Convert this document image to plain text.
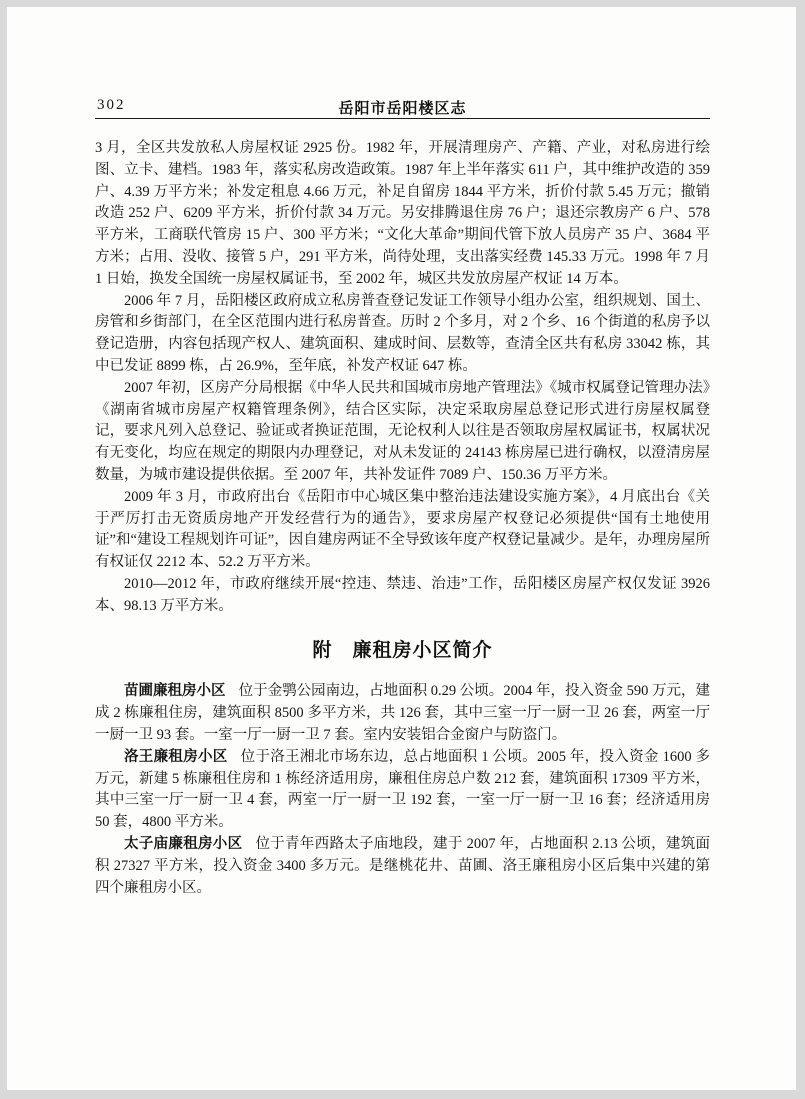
302	岳阳市岳阳楼区志

3 月，全区共发放私人房屋权证 2925 份。1982 年，开展清理房产、产籍、产业，对私房进行绘图、立卡、建档。1983 年，落实私房改造政策。1987 年上半年落实 611 户，其中维护改造的 359 户、4.39 万平方米；补发定租息 4.66 万元，补足自留房 1844 平方米，折价付款 5.45 万元；撤销改造 252 户、6209 平方米，折价付款 34 万元。另安排腾退住房 76 户；退还宗教房产 6 户、578 平方米，工商联代管房 15 户、300 平方米；“文化大革命”期间代管下放人员房产 35 户、3684 平方米；占用、没收、接管 5 户，291 平方米，尚待处理，支出落实经费 145.33 万元。1998 年 7 月 1 日始，换发全国统一房屋权属证书，至 2002 年，城区共发放房屋产权证 14 万本。

2006 年 7 月，岳阳楼区政府成立私房普查登记发证工作领导小组办公室，组织规划、国土、房管和乡街部门，在全区范围内进行私房普查。历时 2 个多月，对 2 个乡、16 个街道的私房予以登记造册，内容包括现产权人、建筑面积、建成时间、层数等，查清全区共有私房 33042 栋，其中已发证 8899 栋，占 26.9%，至年底，补发产权证 647 栋。

2007 年初，区房产分局根据《中华人民共和国城市房地产管理法》《城市权属登记管理办法》《湖南省城市房屋产权籍管理条例》，结合区实际，决定采取房屋总登记形式进行房屋权属登记，要求凡列入总登记、验证或者换证范围，无论权利人以往是否领取房屋权属证书，权属状况有无变化，均应在规定的期限内办理登记，对从未发证的 24143 栋房屋已进行确权，以澄清房屋数量，为城市建设提供依据。至 2007 年，共补发证件 7089 户、150.36 万平方米。

2009 年 3 月，市政府出台《岳阳市中心城区集中整治违法建设实施方案》，4 月底出台《关于严厉打击无资质房地产开发经营行为的通告》，要求房屋产权登记必须提供“国有土地使用证”和“建设工程规划许可证”，因自建房两证不全导致该年度产权登记量减少。是年，办理房屋所有权证仅 2212 本、52.2 万平方米。

2010—2012 年，市政府继续开展“控违、禁违、治违”工作，岳阳楼区房屋产权仅发证 3926 本、98.13 万平方米。

附　廉租房小区简介

苗圃廉租房小区 位于金鹗公园南边，占地面积 0.29 公顷。2004 年，投入资金 590 万元，建成 2 栋廉租住房，建筑面积 8500 多平方米，共 126 套，其中三室一厅一厨一卫 26 套，两室一厅一厨一卫 93 套。一室一厅一厨一卫 7 套。室内安装铝合金窗户与防盗门。

洛王廉租房小区 位于洛王湘北市场东边，总占地面积 1 公顷。2005 年，投入资金 1600 多万元，新建 5 栋廉租住房和 1 栋经济适用房，廉租住房总户数 212 套，建筑面积 17309 平方米，其中三室一厅一厨一卫 4 套，两室一厅一厨一卫 192 套，一室一厅一厨一卫 16 套；经济适用房 50 套，4800 平方米。

太子庙廉租房小区 位于青年西路太子庙地段，建于 2007 年，占地面积 2.13 公顷，建筑面积 27327 平方米，投入资金 3400 多万元。是继桃花井、苗圃、洛王廉租房小区后集中兴建的第四个廉租房小区。
